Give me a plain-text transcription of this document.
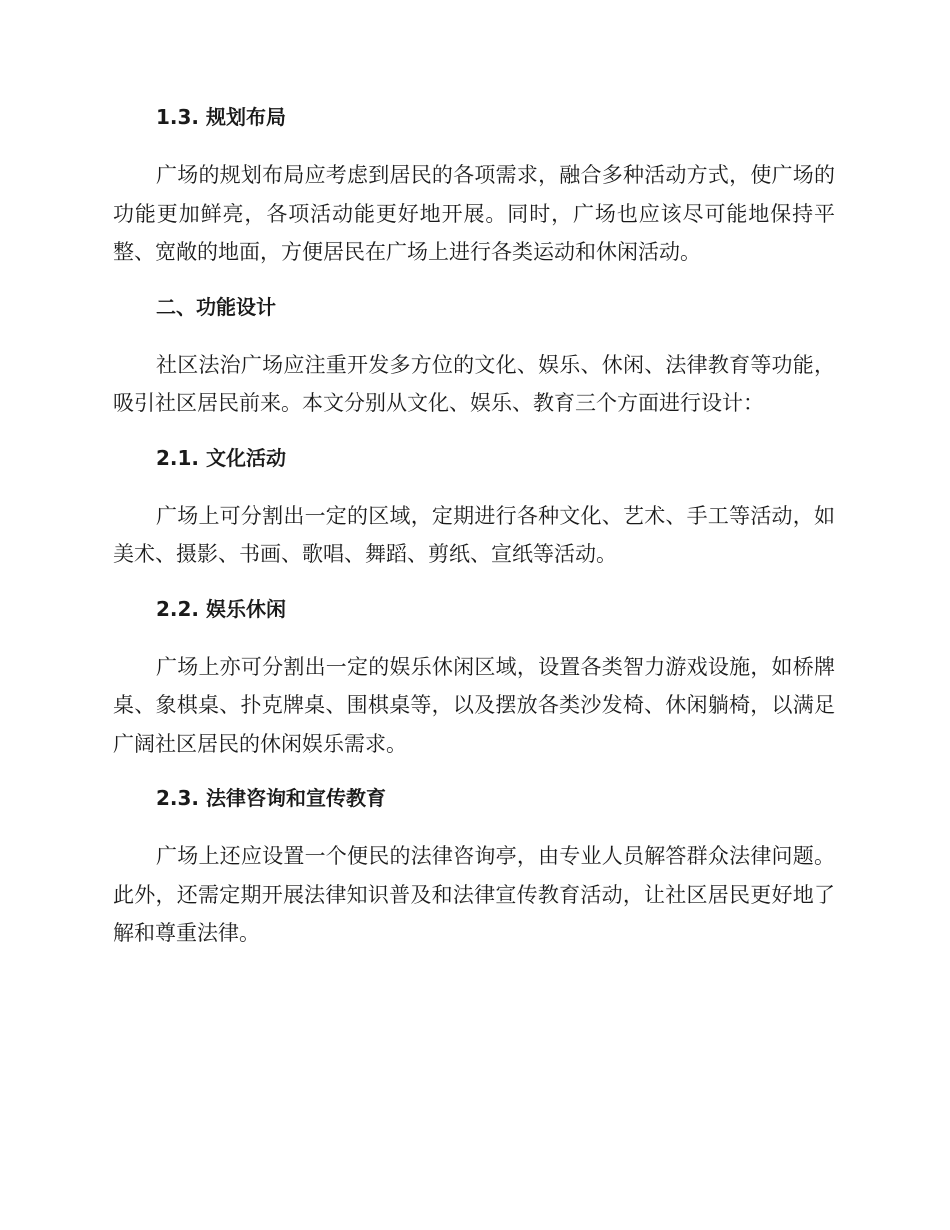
1.3. 规划布局

广场的规划布局应考虑到居民的各项需求，融合多种活动方式，使广场的功能更加鲜亮，各项活动能更好地开展。同时，广场也应该尽可能地保持平整、宽敞的地面，方便居民在广场上进行各类运动和休闲活动。

二、功能设计

社区法治广场应注重开发多方位的文化、娱乐、休闲、法律教育等功能，吸引社区居民前来。本文分别从文化、娱乐、教育三个方面进行设计：

2.1. 文化活动

广场上可分割出一定的区域，定期进行各种文化、艺术、手工等活动，如美术、摄影、书画、歌唱、舞蹈、剪纸、宣纸等活动。

2.2. 娱乐休闲

广场上亦可分割出一定的娱乐休闲区域，设置各类智力游戏设施，如桥牌桌、象棋桌、扑克牌桌、围棋桌等，以及摆放各类沙发椅、休闲躺椅，以满足广阔社区居民的休闲娱乐需求。

2.3. 法律咨询和宣传教育

广场上还应设置一个便民的法律咨询亭，由专业人员解答群众法律问题。此外，还需定期开展法律知识普及和法律宣传教育活动，让社区居民更好地了解和尊重法律。
